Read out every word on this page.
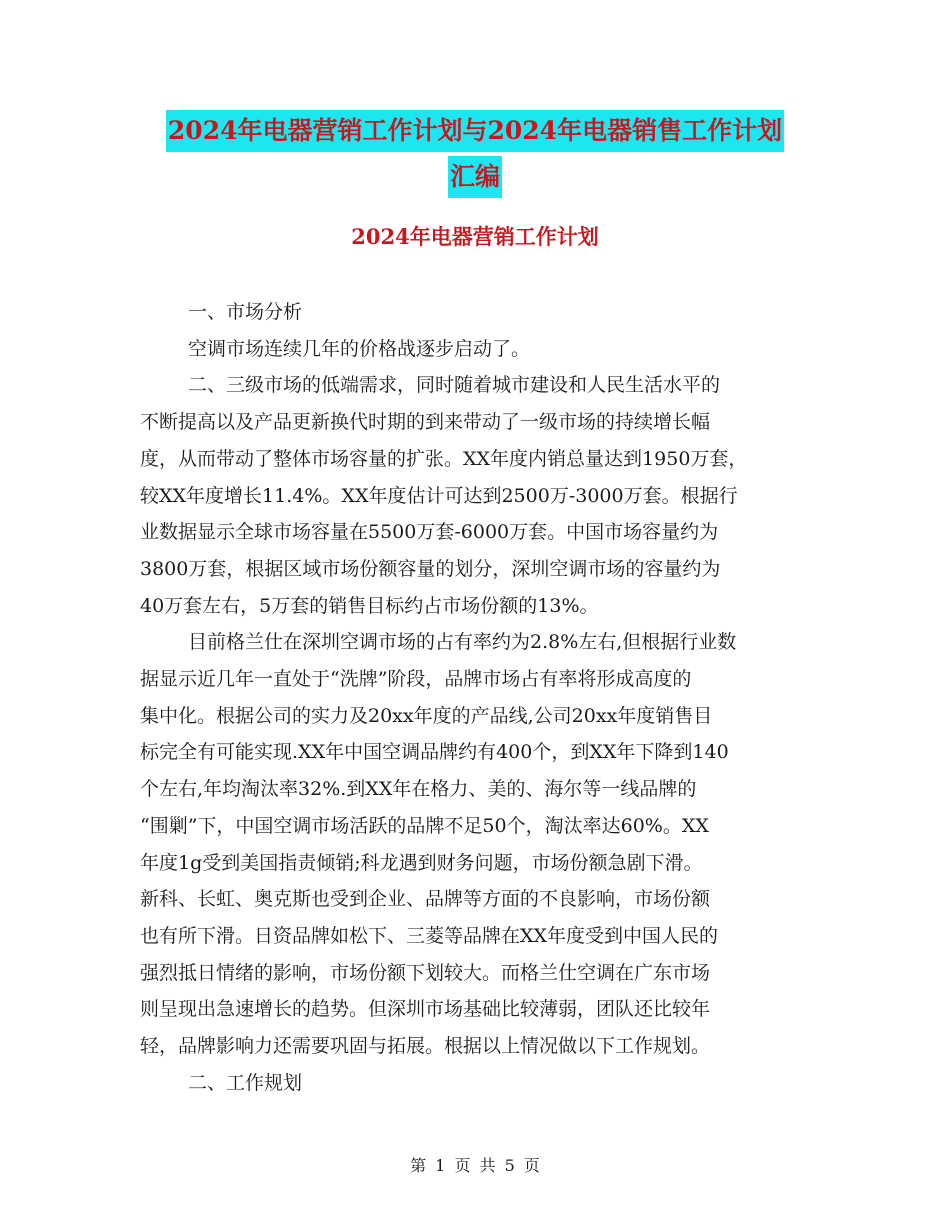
2024年电器营销工作计划与2024年电器销售工作计划
汇编
2024年电器营销工作计划

一、市场分析

空调市场连续几年的价格战逐步启动了。

二、三级市场的低端需求，同时随着城市建设和人民生活水平的
不断提高以及产品更新换代时期的到来带动了一级市场的持续增长幅
度，从而带动了整体市场容量的扩张。XX年度内销总量达到1950万套，
较XX年度增长11.4%。XX年度估计可达到2500万-3000万套。根据行
业数据显示全球市场容量在5500万套-6000万套。中国市场容量约为
3800万套，根据区域市场份额容量的划分，深圳空调市场的容量约为
40万套左右，5万套的销售目标约占市场份额的13%。

目前格兰仕在深圳空调市场的占有率约为2.8%左右,但根据行业数
据显示近几年一直处于“洗牌”阶段，品牌市场占有率将形成高度的
集中化。根据公司的实力及20xx年度的产品线,公司20xx年度销售目
标完全有可能实现.XX年中国空调品牌约有400个，到XX年下降到140
个左右,年均淘汰率32%.到XX年在格力、美的、海尔等一线品牌的
“围剿”下，中国空调市场活跃的品牌不足50个，淘汰率达60%。XX
年度1g受到美国指责倾销;科龙遇到财务问题，市场份额急剧下滑。
新科、长虹、奥克斯也受到企业、品牌等方面的不良影响，市场份额
也有所下滑。日资品牌如松下、三菱等品牌在XX年度受到中国人民的
强烈抵日情绪的影响，市场份额下划较大。而格兰仕空调在广东市场
则呈现出急速增长的趋势。但深圳市场基础比较薄弱，团队还比较年
轻，品牌影响力还需要巩固与拓展。根据以上情况做以下工作规划。

二、工作规划

第 1 页 共 5 页
